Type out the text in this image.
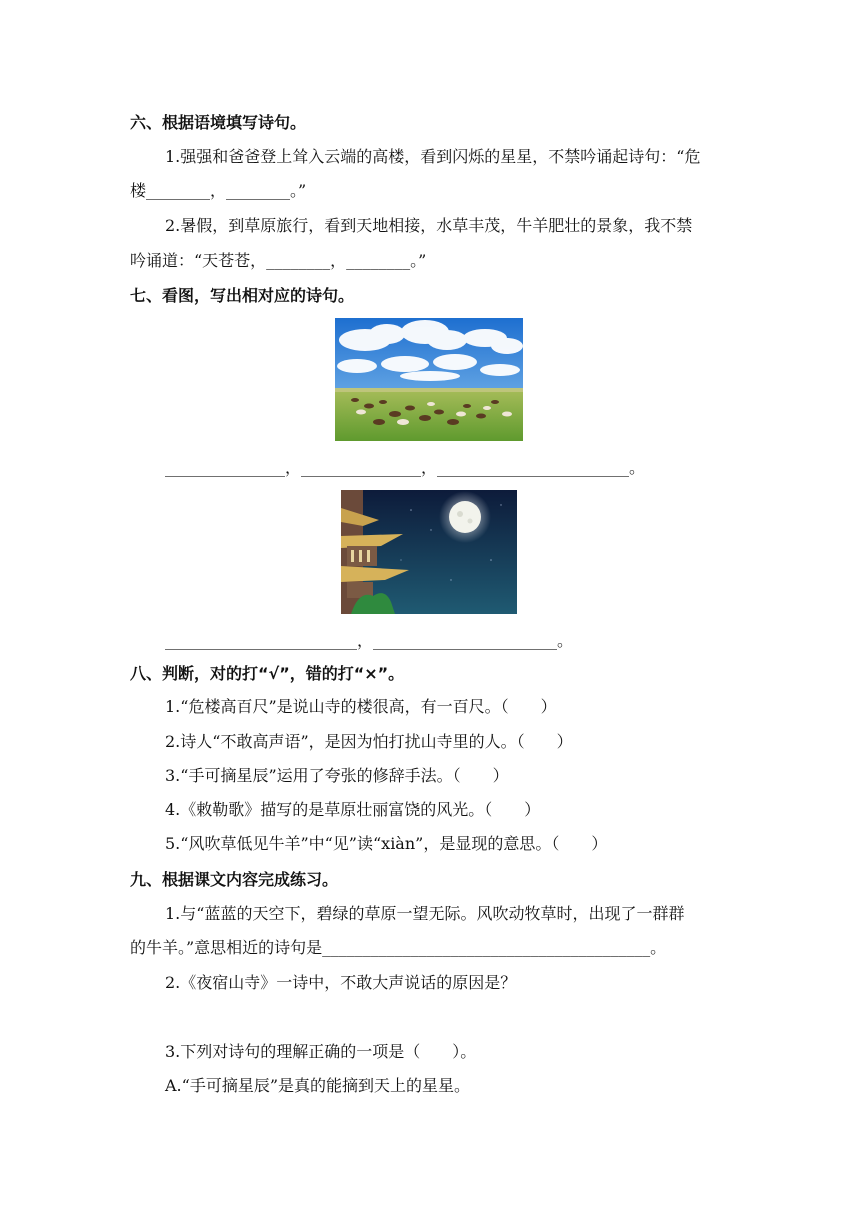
六、根据语境填写诗句。
1.强强和爸爸登上耸入云端的高楼，看到闪烁的星星，不禁吟诵起诗句：“危
楼________，________。”
2.暑假，到草原旅行，看到天地相接，水草丰茂，牛羊肥壮的景象，我不禁
吟诵道：“天苍苍，________，________。”
七、看图，写出相对应的诗句。
_______________，_______________，________________________。
________________________，_______________________。
八、判断，对的打“√”，错的打“×”。
1.“危楼高百尺”是说山寺的楼很高，有一百尺。（　　）
2.诗人“不敢高声语”，是因为怕打扰山寺里的人。（　　）
3.“手可摘星辰”运用了夸张的修辞手法。（　　）
4.《敕勒歌》描写的是草原壮丽富饶的风光。（　　）
5.“风吹草低见牛羊”中“见”读“xiàn”，是显现的意思。（　　）
九、根据课文内容完成练习。
1.与“蓝蓝的天空下，碧绿的草原一望无际。风吹动牧草时，出现了一群群
的牛羊。”意思相近的诗句是_________________________________________。
2.《夜宿山寺》一诗中，不敢大声说话的原因是？
3.下列对诗句的理解正确的一项是（　　）。
A.“手可摘星辰”是真的能摘到天上的星星。
